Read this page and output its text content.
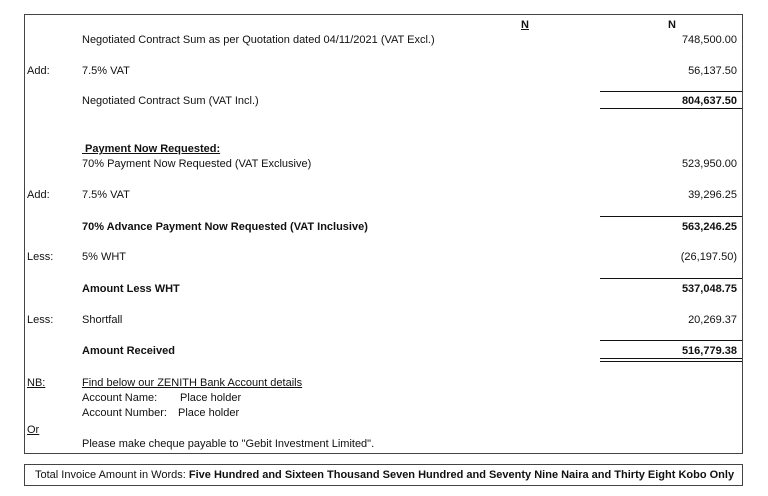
N	N
Negotiated Contract Sum as per Quotation dated 04/11/2021 (VAT Excl.)	748,500.00
Add:	7.5% VAT	56,137.50
Negotiated Contract Sum (VAT Incl.)	804,637.50
Payment Now Requested:
70% Payment Now Requested (VAT Exclusive)	523,950.00
Add:	7.5% VAT	39,296.25
70% Advance Payment Now Requested (VAT Inclusive)	563,246.25
Less:	5% WHT	(26,197.50)
Amount Less WHT	537,048.75
Less:	Shortfall	20,269.37
Amount Received	516,779.38
NB:	Find below our ZENITH Bank Account details
Account Name: Place holder
Account Number: Place holder
Or
Please make cheque payable to "Gebit Investment Limited".
Total Invoice Amount in Words: Five Hundred and Sixteen Thousand Seven Hundred and Seventy Nine Naira and Thirty Eight Kobo Only
